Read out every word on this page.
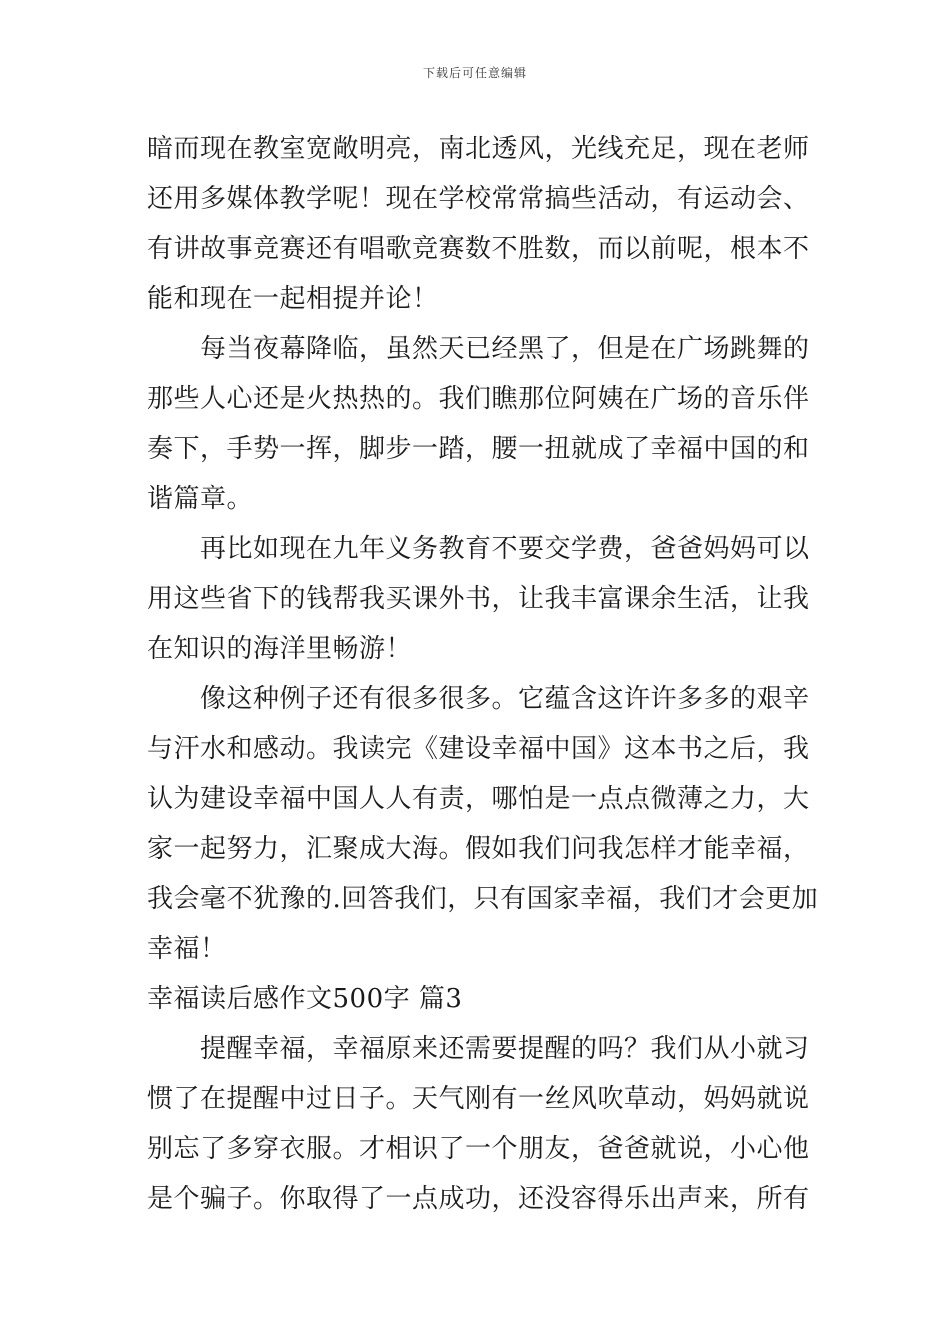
下载后可任意编辑
暗而现在教室宽敞明亮，南北透风，光线充足，现在老师
还用多媒体教学呢！现在学校常常搞些活动，有运动会、
有讲故事竞赛还有唱歌竞赛数不胜数，而以前呢，根本不
能和现在一起相提并论！
　　每当夜幕降临，虽然天已经黑了，但是在广场跳舞的
那些人心还是火热热的。我们瞧那位阿姨在广场的音乐伴
奏下，手势一挥，脚步一踏，腰一扭就成了幸福中国的和
谐篇章。
　　再比如现在九年义务教育不要交学费，爸爸妈妈可以
用这些省下的钱帮我买课外书，让我丰富课余生活，让我
在知识的海洋里畅游！
　　像这种例子还有很多很多。它蕴含这许许多多的艰辛
与汗水和感动。我读完《建设幸福中国》这本书之后，我
认为建设幸福中国人人有责，哪怕是一点点微薄之力，大
家一起努力，汇聚成大海。假如我们问我怎样才能幸福，
我会毫不犹豫的.回答我们，只有国家幸福，我们才会更加
幸福！
幸福读后感作文500字 篇3
　　提醒幸福，幸福原来还需要提醒的吗？我们从小就习
惯了在提醒中过日子。天气刚有一丝风吹草动，妈妈就说
别忘了多穿衣服。才相识了一个朋友，爸爸就说，小心他
是个骗子。你取得了一点成功，还没容得乐出声来，所有
